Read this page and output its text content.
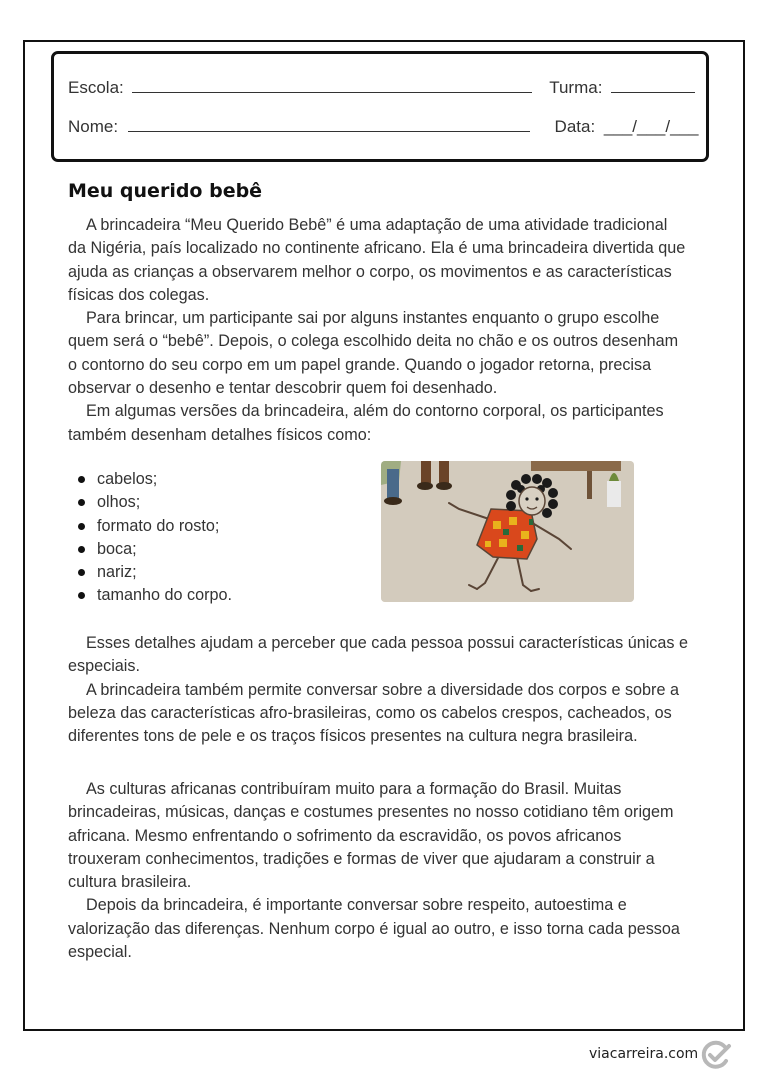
Escola:	Turma:
Nome:	Data: ___/___/___
Meu querido bebê

A brincadeira “Meu Querido Bebê” é uma adaptação de uma atividade tradicional da Nigéria, país localizado no continente africano. Ela é uma brincadeira divertida que ajuda as crianças a observarem melhor o corpo, os movimentos e as características físicas dos colegas.

Para brincar, um participante sai por alguns instantes enquanto o grupo escolhe quem será o “bebê”. Depois, o colega escolhido deita no chão e os outros desenham o contorno do seu corpo em um papel grande. Quando o jogador retorna, precisa observar o desenho e tentar descobrir quem foi desenhado.

Em algumas versões da brincadeira, além do contorno corporal, os participantes também desenham detalhes físicos como:

cabelos;
olhos;
formato do rosto;
boca;
nariz;
tamanho do corpo.

Esses detalhes ajudam a perceber que cada pessoa possui características únicas e especiais.

A brincadeira também permite conversar sobre a diversidade dos corpos e sobre a beleza das características afro-brasileiras, como os cabelos crespos, cacheados, os diferentes tons de pele e os traços físicos presentes na cultura negra brasileira.

As culturas africanas contribuíram muito para a formação do Brasil. Muitas brincadeiras, músicas, danças e costumes presentes no nosso cotidiano têm origem africana. Mesmo enfrentando o sofrimento da escravidão, os povos africanos trouxeram conhecimentos, tradições e formas de viver que ajudaram a construir a cultura brasileira.

Depois da brincadeira, é importante conversar sobre respeito, autoestima e valorização das diferenças. Nenhum corpo é igual ao outro, e isso torna cada pessoa especial.

viacarreira.com
